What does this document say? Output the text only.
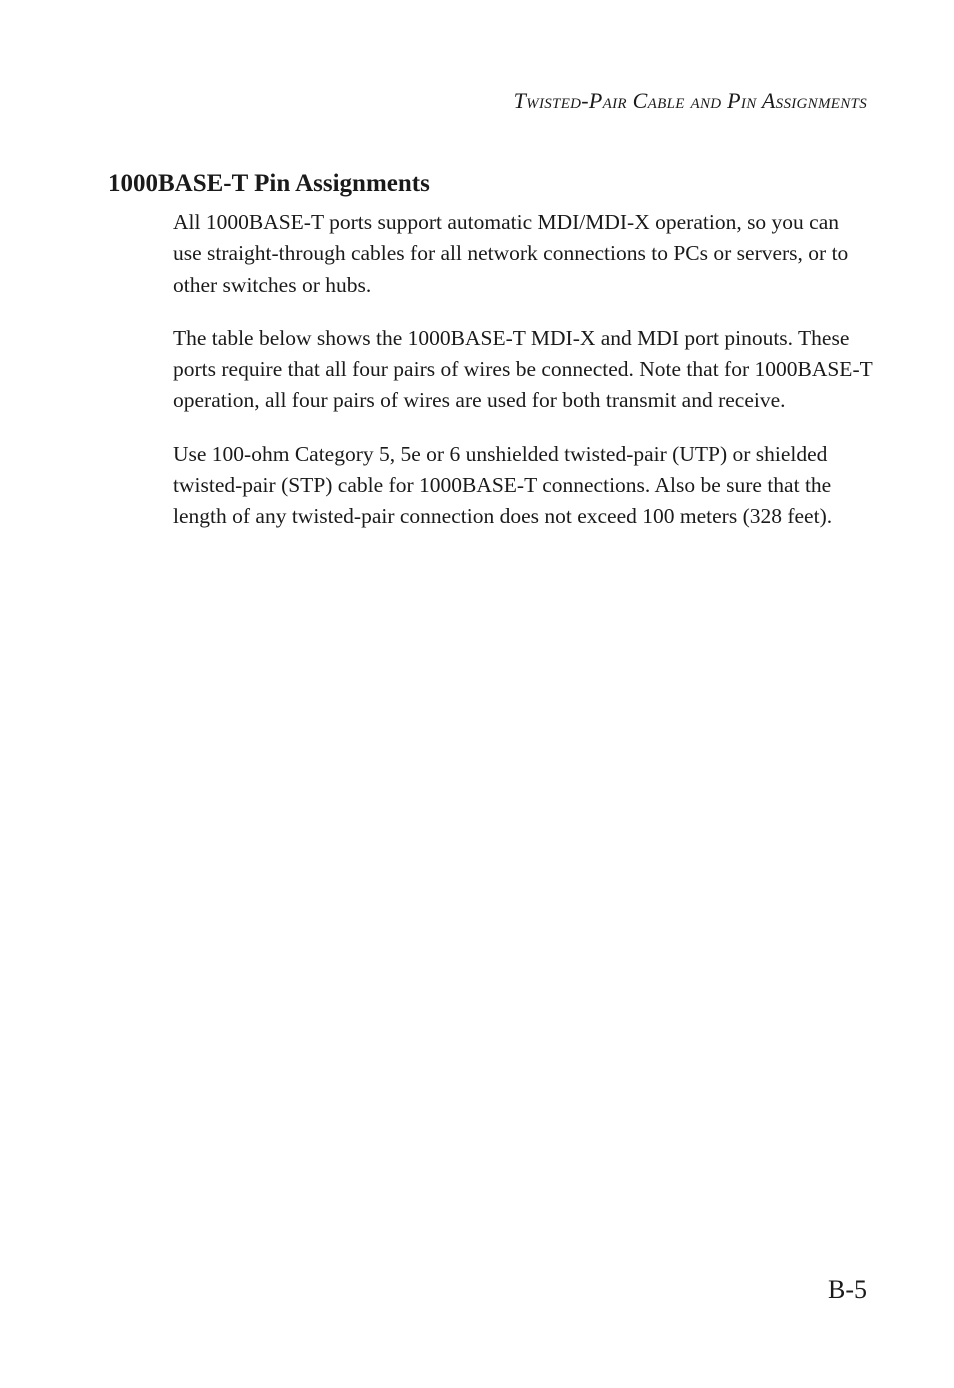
Twisted-Pair Cable and Pin Assignments
1000BASE-T Pin Assignments

All 1000BASE-T ports support automatic MDI/MDI-X operation, so you can use straight-through cables for all network connections to PCs or servers, or to other switches or hubs.

The table below shows the 1000BASE-T MDI-X and MDI port pinouts. These ports require that all four pairs of wires be connected. Note that for 1000BASE-T operation, all four pairs of wires are used for both transmit and receive.

Use 100-ohm Category 5, 5e or 6 unshielded twisted-pair (UTP) or shielded twisted-pair (STP) cable for 1000BASE-T connections. Also be sure that the length of any twisted-pair connection does not exceed 100 meters (328 feet).

B-5
